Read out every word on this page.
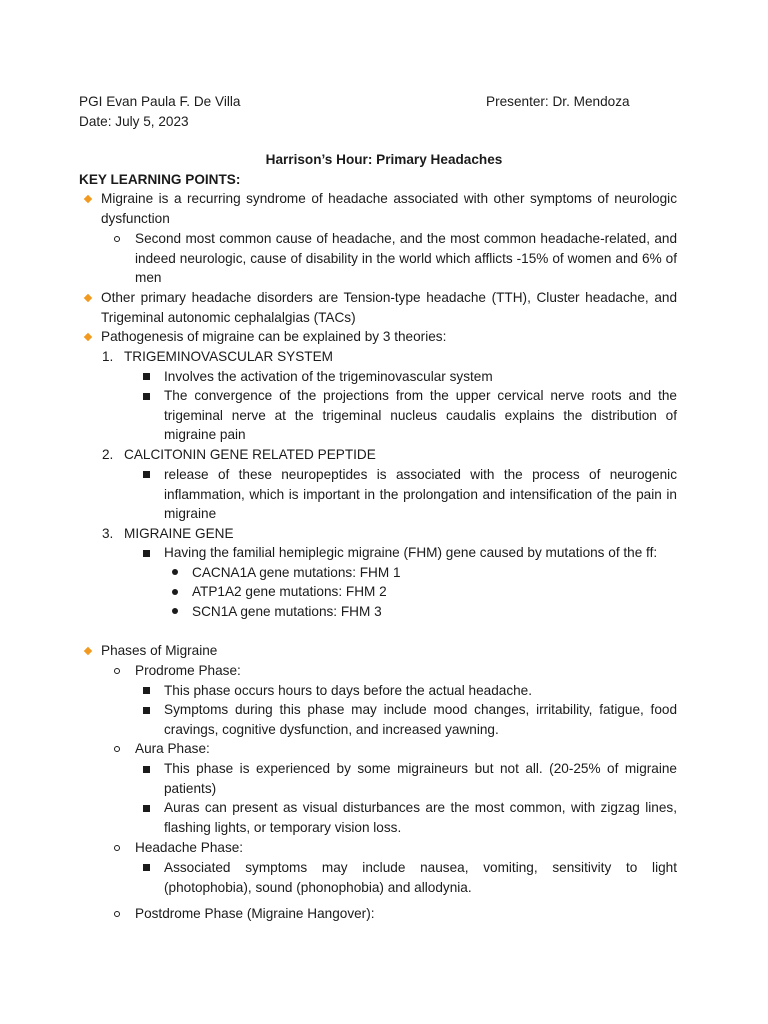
PGI Evan Paula F. De Villa	Presenter: Dr. Mendoza
Date: July 5, 2023
Harrison’s Hour: Primary Headaches
KEY LEARNING POINTS:
Migraine is a recurring syndrome of headache associated with other symptoms of neurologic dysfunction
Second most common cause of headache, and the most common headache-related, and indeed neurologic, cause of disability in the world which afflicts -15% of women and 6% of men
Other primary headache disorders are Tension-type headache (TTH), Cluster headache, and Trigeminal autonomic cephalalgias (TACs)
Pathogenesis of migraine can be explained by 3 theories:
1. TRIGEMINOVASCULAR SYSTEM
Involves the activation of the trigeminovascular system
The convergence of the projections from the upper cervical nerve roots and the trigeminal nerve at the trigeminal nucleus caudalis explains the distribution of migraine pain
2. CALCITONIN GENE RELATED PEPTIDE
release of these neuropeptides is associated with the process of neurogenic inflammation, which is important in the prolongation and intensification of the pain in migraine
3. MIGRAINE GENE
Having the familial hemiplegic migraine (FHM) gene caused by mutations of the ff:
CACNA1A gene mutations: FHM 1
ATP1A2 gene mutations: FHM 2
SCN1A gene mutations: FHM 3
Phases of Migraine
Prodrome Phase:
This phase occurs hours to days before the actual headache.
Symptoms during this phase may include mood changes, irritability, fatigue, food cravings, cognitive dysfunction, and increased yawning.
Aura Phase:
This phase is experienced by some migraineurs but not all. (20-25% of migraine patients)
Auras can present as visual disturbances are the most common, with zigzag lines, flashing lights, or temporary vision loss.
Headache Phase:
Associated symptoms may include nausea, vomiting, sensitivity to light (photophobia), sound (phonophobia) and allodynia.
Postdrome Phase (Migraine Hangover):
